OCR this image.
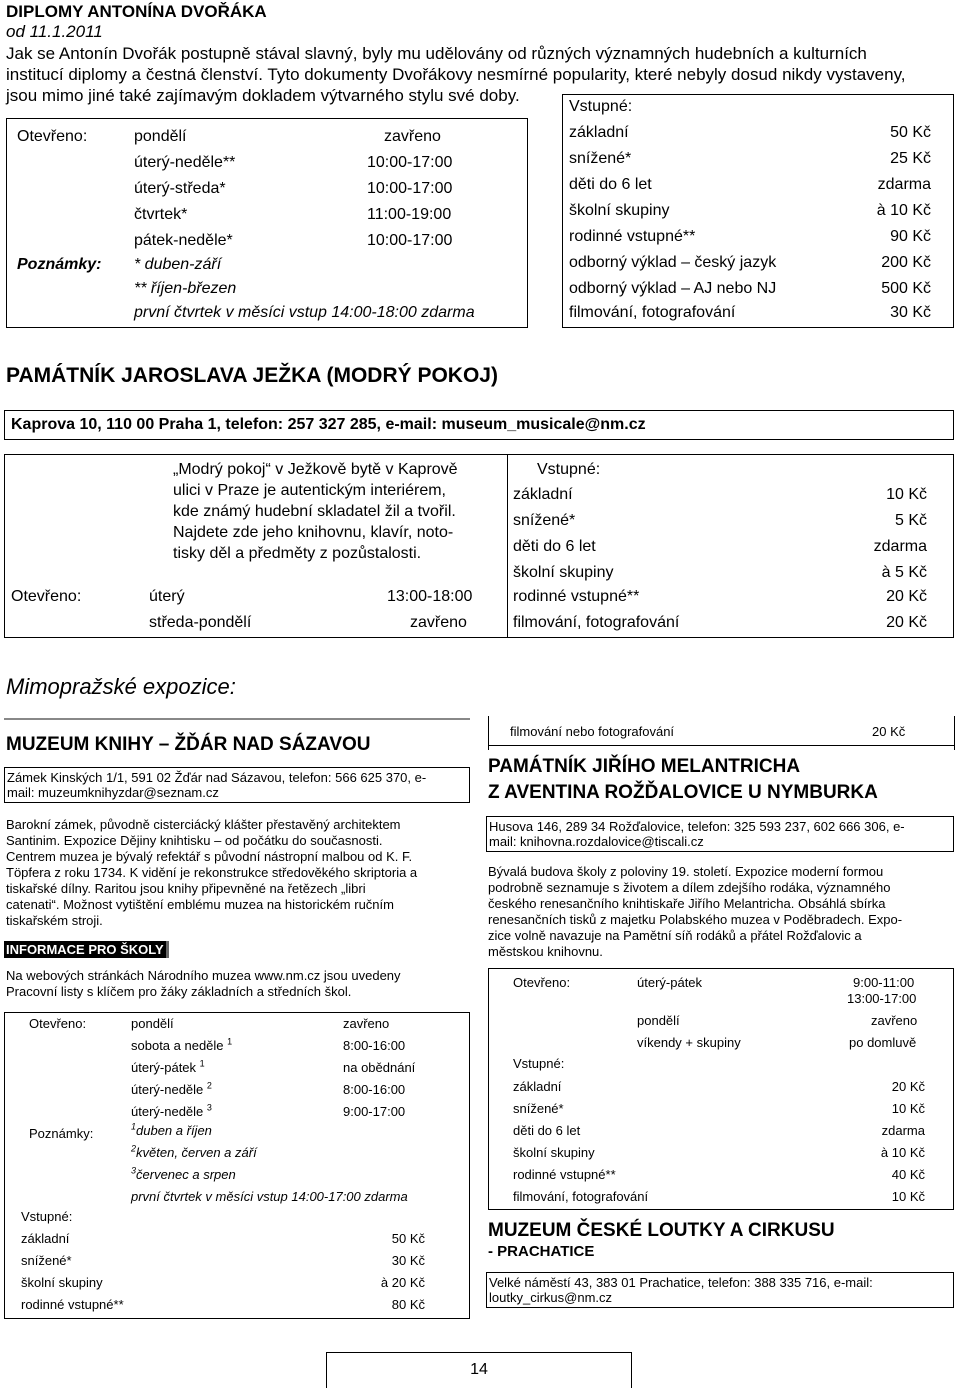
DIPLOMY ANTONÍNA DVOŘÁKA
od 11.1.2011
Jak se Antonín Dvořák postupně stával slavný, byly mu udělovány od různých významných hudebních a kulturních
institucí diplomy a čestná členství. Tyto dokumenty Dvořákovy nesmírné popularity, které nebyly dosud nikdy vystaveny,
jsou mimo jiné také zajímavým dokladem výtvarného stylu své doby.
Otevřeno:	pondělí	zavřeno
úterý-neděle**	10:00-17:00
úterý-středa*	10:00-17:00
čtvrtek*	11:00-19:00
pátek-neděle*	10:00-17:00
Poznámky: * duben-září
** říjen-březen
první čtvrtek v měsíci vstup 14:00-18:00 zdarma
Vstupné:
základní	50 Kč
snížené*	25 Kč
děti do 6 let	zdarma
školní skupiny	à 10 Kč
rodinné vstupné**	90 Kč
odborný výklad – český jazyk	200 Kč
odborný výklad – AJ nebo NJ	500 Kč
filmování, fotografování	30 Kč
PAMÁTNÍK JAROSLAVA JEŽKA (MODRÝ POKOJ)
Kaprova 10, 110 00 Praha 1, telefon: 257 327 285, e-mail: museum_musicale@nm.cz
„Modrý pokoj“ v Ježkově bytě v Kaprově
ulici v Praze je autentickým interiérem,
kde známý hudební skladatel žil a tvořil.
Najdete zde jeho knihovnu, klavír, noto-
tisky děl a předměty z pozůstalosti.
Otevřeno:	úterý	13:00-18:00
středa-pondělí	zavřeno
Vstupné:
základní	10 Kč
snížené*	5 Kč
děti do 6 let	zdarma
školní skupiny	à 5 Kč
rodinné vstupné**	20 Kč
filmování, fotografování	20 Kč
Mimopražské expozice:
MUZEUM KNIHY – ŽĎÁR NAD SÁZAVOU
Zámek Kinských 1/1, 591 02 Žďár nad Sázavou, telefon: 566 625 370, e-
mail: muzeumknihyzdar@seznam.cz
Barokní zámek, původně cisterciácký klášter přestavěný architektem
Santinim. Expozice Dějiny knihtisku – od počátku do současnosti.
Centrem muzea je bývalý refektář s původní nástropní malbou od K. F.
Töpfera z roku 1734. K vidění je rekonstrukce středověkého skriptoria a
tiskařské dílny. Raritou jsou knihy připevněné na řetězech „libri
catenati“. Možnost vytištění emblému muzea na historickém ručním
tiskařském stroji.
INFORMACE PRO ŠKOLY
Na webových stránkách Národního muzea www.nm.cz jsou uvedeny
Pracovní listy s klíčem pro žáky základních a středních škol.
Otevřeno:	pondělí	zavřeno
sobota a neděle $^1$	8:00-16:00
úterý-pátek $^1$	na obědnání
úterý-neděle $^2$	8:00-16:00
úterý-neděle $^3$	9:00-17:00
Poznámky:	$^1$duben a říjen
$^2$květen, červen a září
$^3$červenec a srpen
první čtvrtek v měsíci vstup 14:00-17:00 zdarma
Vstupné:
základní	50 Kč
snížené*	30 Kč
školní skupiny	à 20 Kč
rodinné vstupné**	80 Kč
filmování nebo fotografování	20 Kč
PAMÁTNÍK JIŘÍHO MELANTRICHA
Z AVENTINA ROŽĎALOVICE U NYMBURKA
Husova 146, 289 34 Rožďalovice, telefon: 325 593 237, 602 666 306, e-
mail: knihovna.rozdalovice@tiscali.cz
Bývalá budova školy z poloviny 19. století. Expozice moderní formou
podrobně seznamuje s životem a dílem zdejšího rodáka, významného
českého renesančního knihtiskaře Jiřího Melantricha. Obsáhlá sbírka
renesančních tisků z majetku Polabského muzea v Poděbradech. Expo-
zice volně navazuje na Pamětní síň rodáků a přátel Rožďalovic a
městskou knihovnu.
Otevřeno:	úterý-pátek	9:00-11:00
13:00-17:00
pondělí	zavřeno
víkendy + skupiny	po domluvě
Vstupné:
základní	20 Kč
snížené*	10 Kč
děti do 6 let	zdarma
školní skupiny	à 10 Kč
rodinné vstupné**	40 Kč
filmování, fotografování	10 Kč
MUZEUM ČESKÉ LOUTKY A CIRKUSU
- PRACHATICE
Velké náměstí 43, 383 01 Prachatice, telefon: 388 335 716, e-mail:
loutky_cirkus@nm.cz
14
